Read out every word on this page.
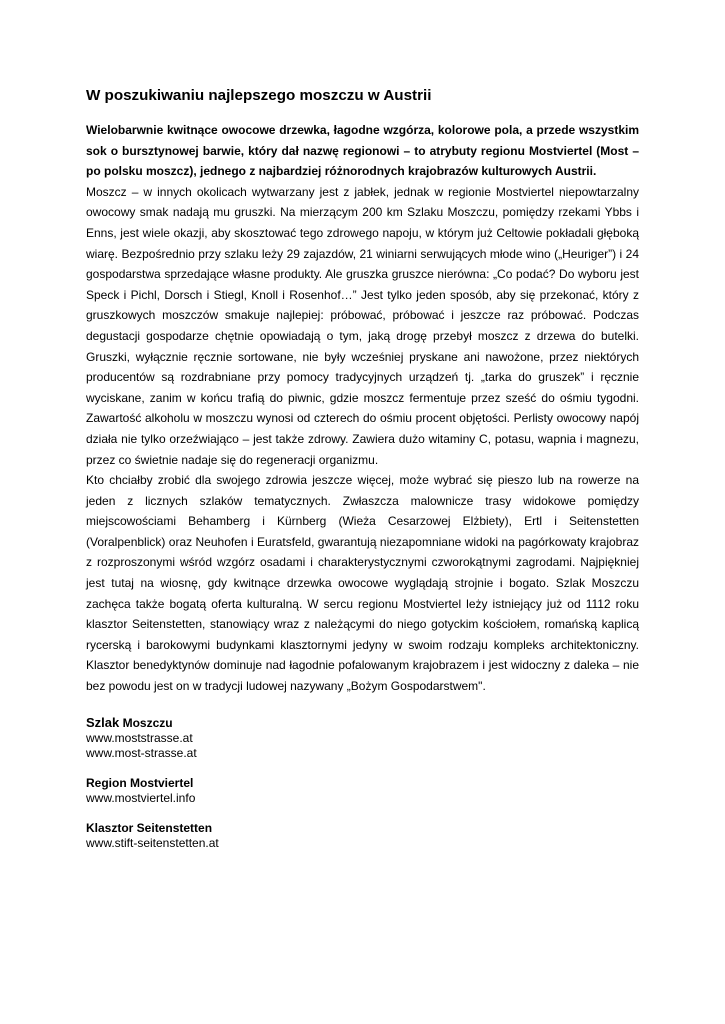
W poszukiwaniu najlepszego moszczu w Austrii

Wielobarwnie kwitnące owocowe drzewka, łagodne wzgórza, kolorowe pola, a przede wszystkim sok o bursztynowej barwie, który dał nazwę regionowi – to atrybuty regionu Mostviertel (Most – po polsku moszcz), jednego z najbardziej różnorodnych krajobrazów kulturowych Austrii.

Moszcz – w innych okolicach wytwarzany jest z jabłek, jednak w regionie Mostviertel niepowtarzalny owocowy smak nadają mu gruszki. Na mierzącym 200 km Szlaku Moszczu, pomiędzy rzekami Ybbs i Enns, jest wiele okazji, aby skosztować tego zdrowego napoju, w którym już Celtowie pokładali głęboką wiarę. Bezpośrednio przy szlaku leży 29 zajazdów, 21 winiarni serwujących młode wino („Heuriger”) i 24 gospodarstwa sprzedające własne produkty. Ale gruszka gruszce nierówna: „Co podać? Do wyboru jest Speck i Pichl, Dorsch i Stiegl, Knoll i Rosenhof…” Jest tylko jeden sposób, aby się przekonać, który z gruszkowych moszczów smakuje najlepiej: próbować, próbować i jeszcze raz próbować. Podczas degustacji gospodarze chętnie opowiadają o tym, jaką drogę przebył moszcz z drzewa do butelki. Gruszki, wyłącznie ręcznie sortowane, nie były wcześniej pryskane ani nawożone, przez niektórych producentów są rozdrabniane przy pomocy tradycyjnych urządzeń tj. „tarka do gruszek” i ręcznie wyciskane, zanim w końcu trafią do piwnic, gdzie moszcz fermentuje przez sześć do ośmiu tygodni. Zawartość alkoholu w moszczu wynosi od czterech do ośmiu procent objętości. Perlisty owocowy napój działa nie tylko orzeźwiająco – jest także zdrowy. Zawiera dużo witaminy C, potasu, wapnia i magnezu, przez co świetnie nadaje się do regeneracji organizmu.

Kto chciałby zrobić dla swojego zdrowia jeszcze więcej, może wybrać się pieszo lub na rowerze na jeden z licznych szlaków tematycznych. Zwłaszcza malownicze trasy widokowe pomiędzy miejscowościami Behamberg i Kürnberg (Wieża Cesarzowej Elżbiety), Ertl i Seitenstetten (Voralpenblick) oraz Neuhofen i Euratsfeld, gwarantują niezapomniane widoki na pagórkowaty krajobraz z rozproszonymi wśród wzgórz osadami i charakterystycznymi czworokątnymi zagrodami. Najpiękniej jest tutaj na wiosnę, gdy kwitnące drzewka owocowe wyglądają strojnie i bogato. Szlak Moszczu zachęca także bogatą oferta kulturalną. W sercu regionu Mostviertel leży istniejący już od 1112 roku klasztor Seitenstetten, stanowiący wraz z należącymi do niego gotyckim kościołem, romańską kaplicą rycerską i barokowymi budynkami klasztornymi jedyny w swoim rodzaju kompleks architektoniczny. Klasztor benedyktynów dominuje nad łagodnie pofalowanym krajobrazem i jest widoczny z daleka – nie bez powodu jest on w tradycji ludowej nazywany „Bożym Gospodarstwem".

Szlak Moszczu

www.moststrasse.at

www.most-strasse.at

Region Mostviertel

www.mostviertel.info

Klasztor Seitenstetten

www.stift-seitenstetten.at
